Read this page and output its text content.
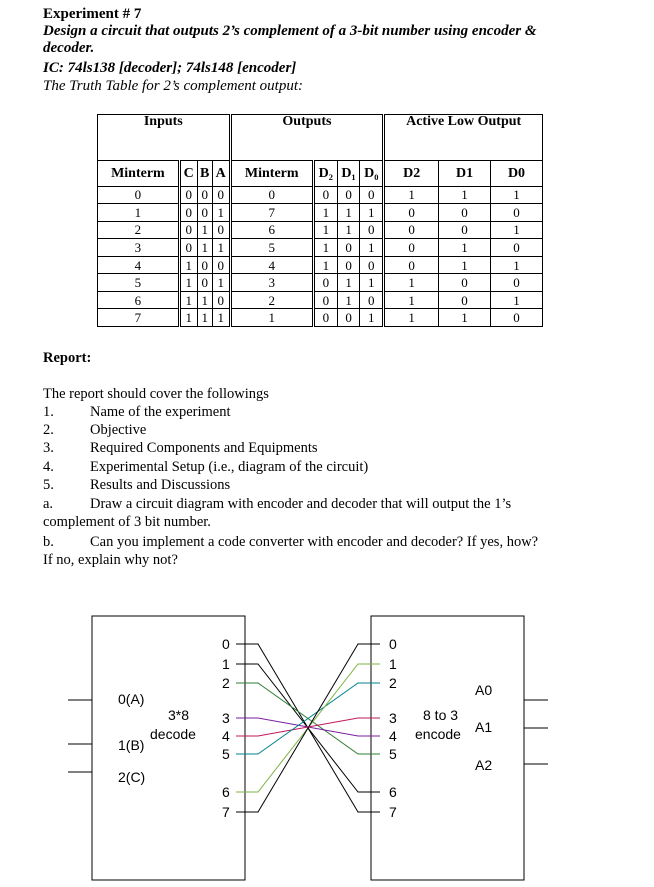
Experiment # 7
Design a circuit that outputs 2’s complement of a 3-bit number using encoder &
decoder.
IC: 74ls138 [decoder]; 74ls148 [encoder]
The Truth Table for 2’s complement output:
Inputs				Outputs				Active Low Output		
Minterm	C	B	A	Minterm	D₂	D₁	D₀	D2	D1	D0
0	0	0	0	0	0	0	0	1	1	1
1	0	0	1	7	1	1	1	0	0	0
2	0	1	0	6	1	1	0	0	0	1
3	0	1	1	5	1	0	1	0	1	0
4	1	0	0	4	1	0	0	0	1	1
5	1	0	1	3	0	1	1	1	0	0
6	1	1	0	2	0	1	0	1	0	1
7	1	1	1	1	0	0	1	1	1	0
Report:
The report should cover the followings
1. Name of the experiment
2. Objective
3. Required Components and Equipments
4. Experimental Setup (i.e., diagram of the circuit)
5. Results and Discussions
a.	Draw a circuit diagram with encoder and decoder that will output the 1’s
complement of 3 bit number.
b. Can you implement a code converter with encoder and decoder? If yes, how?
If no, explain why not?
0(A)
1(B)
2(C)
0
1
2
3
4
5
6
7
0
1
2
3
4
5
6
7
A0
A1
A2
3*8
decode
8 to 3
encode
